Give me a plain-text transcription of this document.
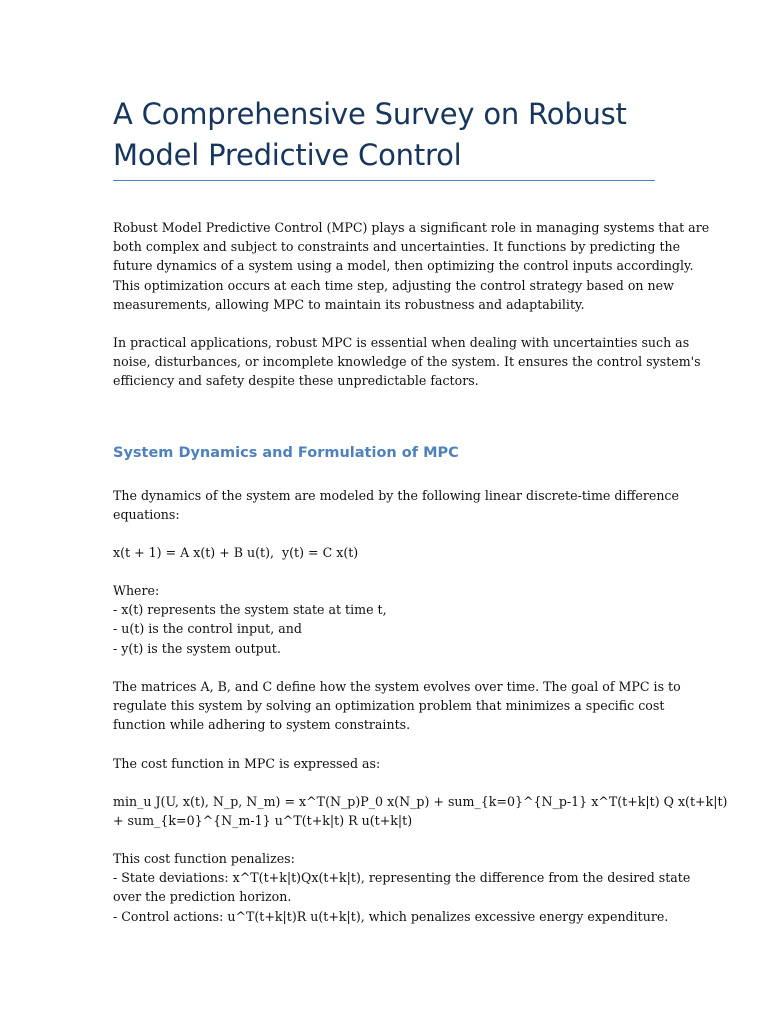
A Comprehensive Survey on Robust Model Predictive Control

Robust Model Predictive Control (MPC) plays a significant role in managing systems that are
both complex and subject to constraints and uncertainties. It functions by predicting the
future dynamics of a system using a model, then optimizing the control inputs accordingly.
This optimization occurs at each time step, adjusting the control strategy based on new
measurements, allowing MPC to maintain its robustness and adaptability.

In practical applications, robust MPC is essential when dealing with uncertainties such as
noise, disturbances, or incomplete knowledge of the system. It ensures the control system's
efficiency and safety despite these unpredictable factors.

System Dynamics and Formulation of MPC

The dynamics of the system are modeled by the following linear discrete-time difference
equations:

x(t + 1) = A x(t) + B u(t),  y(t) = C x(t)

Where:
- x(t) represents the system state at time t,
- u(t) is the control input, and
- y(t) is the system output.

The matrices A, B, and C define how the system evolves over time. The goal of MPC is to
regulate this system by solving an optimization problem that minimizes a specific cost
function while adhering to system constraints.

The cost function in MPC is expressed as:

min_u J(U, x(t), N_p, N_m) = x^T(N_p)P_0 x(N_p) + sum_{k=0}^{N_p-1} x^T(t+k|t) Q x(t+k|t)
+ sum_{k=0}^{N_m-1} u^T(t+k|t) R u(t+k|t)

This cost function penalizes:
- State deviations: x^T(t+k|t)Qx(t+k|t), representing the difference from the desired state
over the prediction horizon.
- Control actions: u^T(t+k|t)R u(t+k|t), which penalizes excessive energy expenditure.
